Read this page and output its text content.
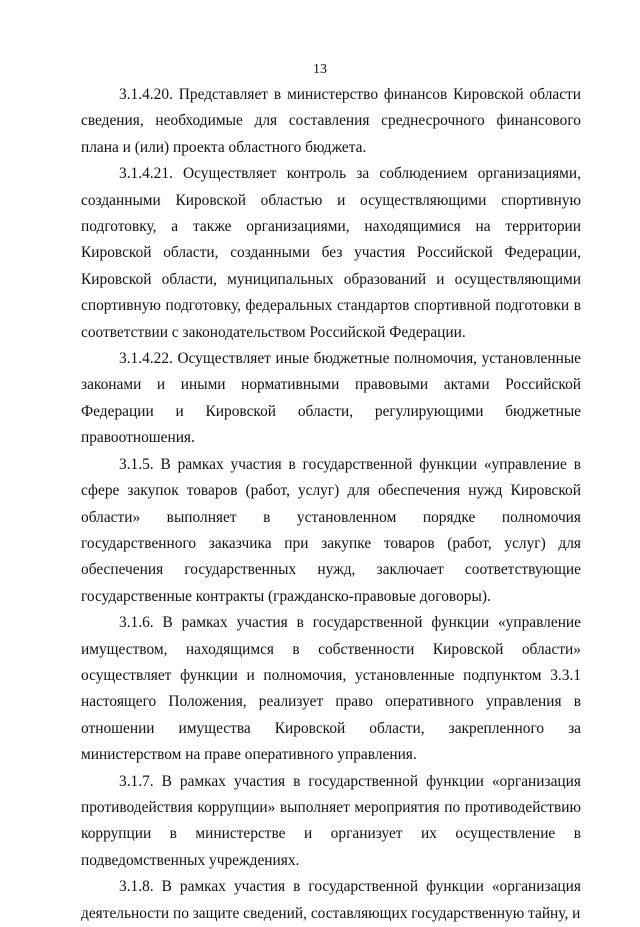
13

3.1.4.20. Представляет в министерство финансов Кировской области сведения, необходимые для составления среднесрочного финансового плана и (или) проекта областного бюджета.

3.1.4.21. Осуществляет контроль за соблюдением организациями, созданными Кировской областью и осуществляющими спортивную подготовку, а также организациями, находящимися на территории Кировской области, созданными без участия Российской Федерации, Кировской области, муниципальных образований и осуществляющими спортивную подготовку, федеральных стандартов спортивной подготовки в соответствии с законодательством Российской Федерации.

3.1.4.22. Осуществляет иные бюджетные полномочия, установленные законами и иными нормативными правовыми актами Российской Федерации и Кировской области, регулирующими бюджетные правоотношения.

3.1.5. В рамках участия в государственной функции «управление в сфере закупок товаров (работ, услуг) для обеспечения нужд Кировской области» выполняет в установленном порядке полномочия государственного заказчика при закупке товаров (работ, услуг) для обеспечения государственных нужд, заключает соответствующие государственные контракты (гражданско-правовые договоры).

3.1.6. В рамках участия в государственной функции «управление имуществом, находящимся в собственности Кировской области» осуществляет функции и полномочия, установленные подпунктом 3.3.1 настоящего Положения, реализует право оперативного управления в отношении имущества Кировской области, закрепленного за министерством на праве оперативного управления.

3.1.7. В рамках участия в государственной функции «организация противодействия коррупции» выполняет мероприятия по противодействию коррупции в министерстве и организует их осуществление в подведомственных учреждениях.

3.1.8. В рамках участия в государственной функции «организация деятельности по защите сведений, составляющих государственную тайну, и
